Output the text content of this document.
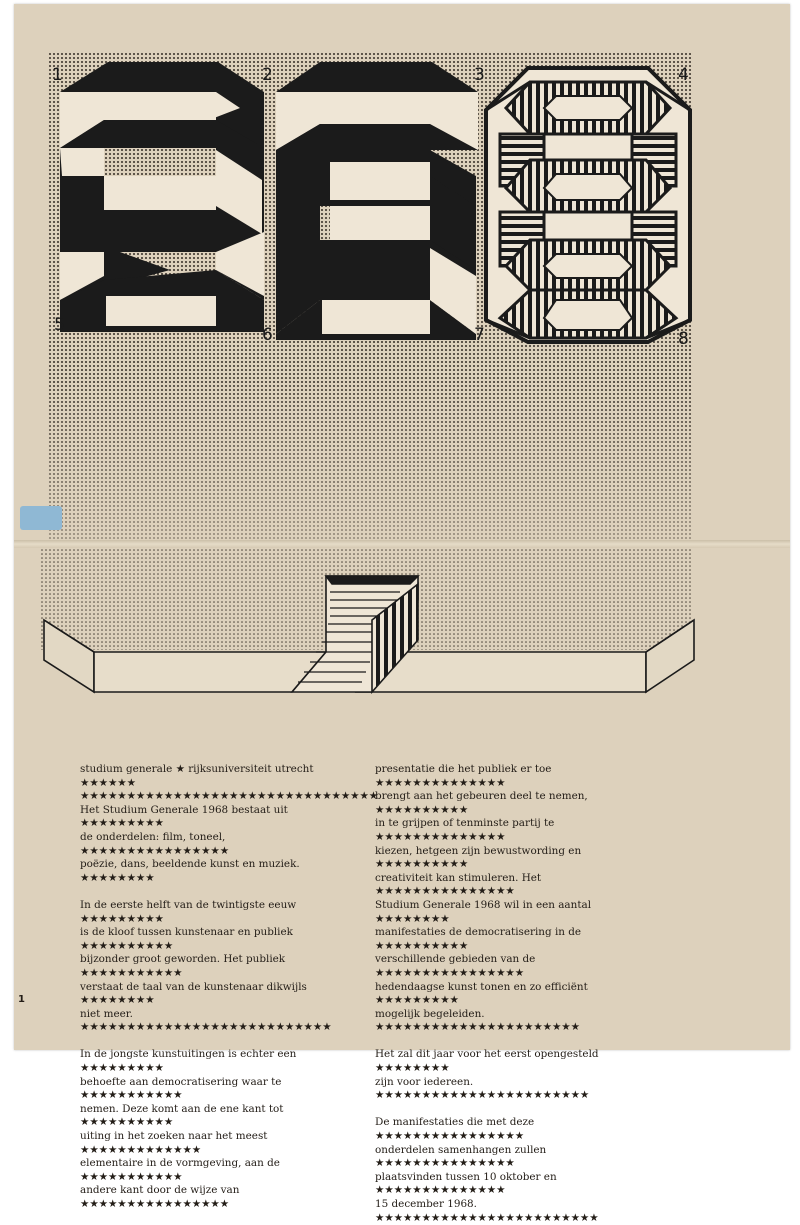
1	2	3	4
5	6	7	8

studium generale ★ rijksuniversiteit utrecht ★★★★★★
★★★★★★★★★★★★★★★★★★★★★★★★★★★★★★★★
Het Studium Generale 1968 bestaat uit ★★★★★★★★★
de onderdelen: film, toneel, ★★★★★★★★★★★★★★★★
poëzie, dans, beeldende kunst en muziek. ★★★★★★★★

In de eerste helft van de twintigste eeuw ★★★★★★★★★
is de kloof tussen kunstenaar en publiek ★★★★★★★★★★
bijzonder groot geworden. Het publiek ★★★★★★★★★★★
verstaat de taal van de kunstenaar dikwijls ★★★★★★★★
niet meer. ★★★★★★★★★★★★★★★★★★★★★★★★★★★

In de jongste kunstuitingen is echter een ★★★★★★★★★
behoefte aan democratisering waar te ★★★★★★★★★★★
nemen. Deze komt aan de ene kant tot ★★★★★★★★★★
uiting in het zoeken naar het meest ★★★★★★★★★★★★★
elementaire in de vormgeving, aan de ★★★★★★★★★★★
andere kant door de wijze van ★★★★★★★★★★★★★★★★

presentatie die het publiek er toe ★★★★★★★★★★★★★★
brengt aan het gebeuren deel te nemen, ★★★★★★★★★★
in te grijpen of tenminste partij te ★★★★★★★★★★★★★★
kiezen, hetgeen zijn bewustwording en ★★★★★★★★★★
creativiteit kan stimuleren. Het ★★★★★★★★★★★★★★★
Studium Generale 1968 wil in een aantal ★★★★★★★★
manifestaties de democratisering in de ★★★★★★★★★★
verschillende gebieden van de ★★★★★★★★★★★★★★★★
hedendaagse kunst tonen en zo efficiënt ★★★★★★★★★
mogelijk begeleiden. ★★★★★★★★★★★★★★★★★★★★★★

Het zal dit jaar voor het eerst opengesteld ★★★★★★★★
zijn voor iedereen. ★★★★★★★★★★★★★★★★★★★★★★★

De manifestaties die met deze ★★★★★★★★★★★★★★★★
onderdelen samenhangen zullen ★★★★★★★★★★★★★★★
plaatsvinden tussen 10 oktober en ★★★★★★★★★★★★★★
15 december 1968. ★★★★★★★★★★★★★★★★★★★★★★★★

1
